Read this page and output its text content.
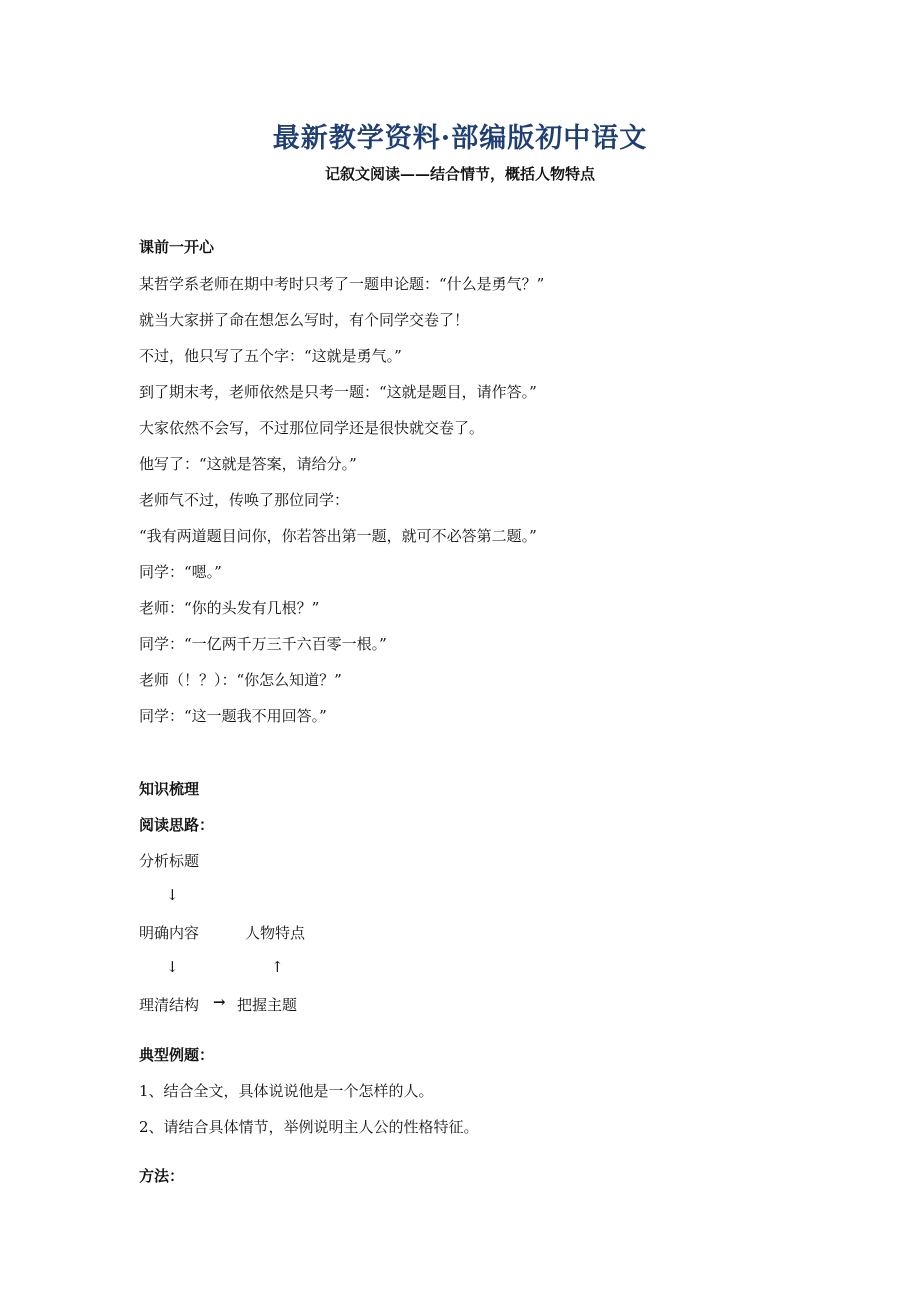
最新教学资料·部编版初中语文
记叙文阅读——结合情节，概括人物特点
课前一开心
某哲学系老师在期中考时只考了一题申论题：“什么是勇气？”
就当大家拼了命在想怎么写时，有个同学交卷了！
不过，他只写了五个字：“这就是勇气。”
到了期末考，老师依然是只考一题：“这就是题目，请作答。”
大家依然不会写，不过那位同学还是很快就交卷了。
他写了：“这就是答案，请给分。”
老师气不过，传唤了那位同学：
“我有两道题目问你，你若答出第一题，就可不必答第二题。”
同学：“嗯。”
老师：“你的头发有几根？”
同学：“一亿两千万三千六百零一根。”
老师（！？）：“你怎么知道？”
同学：“这一题我不用回答。”
知识梳理
阅读思路：
分析标题
↓
明确内容	人物特点
↓	↑
理清结构 → 把握主题
典型例题：
1、结合全文，具体说说他是一个怎样的人。
2、请结合具体情节，举例说明主人公的性格特征。
方法：
